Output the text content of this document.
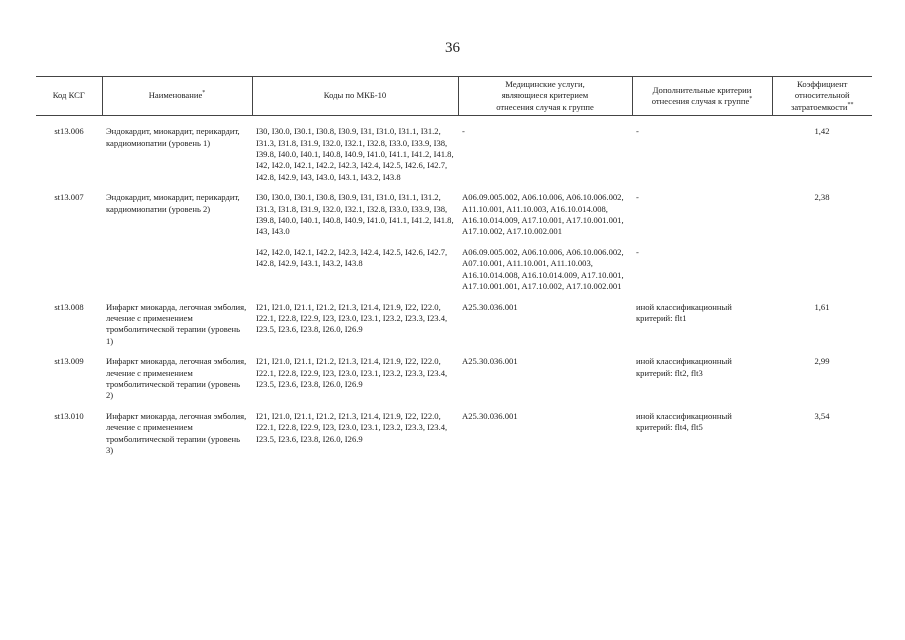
36
Код КСГ	Наименование*	Коды по МКБ-10	Медицинские услуги,
являющиеся критерием
отнесения случая к группе	Дополнительные критерии
отнесения случая к группе*	Коэффициент
относительной
затратоемкости**
st13.006	Эндокардит, миокардит, перикардит, кардиомиопатии (уровень 1)	I30, I30.0, I30.1, I30.8, I30.9, I31, I31.0, I31.1, I31.2, I31.3, I31.8, I31.9, I32.0, I32.1, I32.8, I33.0, I33.9, I38, I39.8, I40.0, I40.1, I40.8, I40.9, I41.0, I41.1, I41.2, I41.8, I42, I42.0, I42.1, I42.2, I42.3, I42.4, I42.5, I42.6, I42.7, I42.8, I42.9, I43, I43.0, I43.1, I43.2, I43.8	-	-	1,42
st13.007	Эндокардит, миокардит, перикардит, кардиомиопатии (уровень 2)	I30, I30.0, I30.1, I30.8, I30.9, I31, I31.0, I31.1, I31.2, I31.3, I31.8, I31.9, I32.0, I32.1, I32.8, I33.0, I33.9, I38, I39.8, I40.0, I40.1, I40.8, I40.9, I41.0, I41.1, I41.2, I41.8, I43, I43.0	A06.09.005.002, A06.10.006, A06.10.006.002, A11.10.001, A11.10.003, A16.10.014.008, A16.10.014.009, A17.10.001, A17.10.001.001, A17.10.002, A17.10.002.001	-	2,38
		I42, I42.0, I42.1, I42.2, I42.3, I42.4, I42.5, I42.6, I42.7, I42.8, I42.9, I43.1, I43.2, I43.8	A06.09.005.002, A06.10.006, A06.10.006.002, A07.10.001, A11.10.001, A11.10.003, A16.10.014.008, A16.10.014.009, A17.10.001, A17.10.001.001, A17.10.002, A17.10.002.001	-	
st13.008	Инфаркт миокарда, легочная эмболия, лечение с применением тромболитической терапии (уровень 1)	I21, I21.0, I21.1, I21.2, I21.3, I21.4, I21.9, I22, I22.0, I22.1, I22.8, I22.9, I23, I23.0, I23.1, I23.2, I23.3, I23.4, I23.5, I23.6, I23.8, I26.0, I26.9	A25.30.036.001	иной классификационный критерий: flt1	1,61
st13.009	Инфаркт миокарда, легочная эмболия, лечение с применением тромболитической терапии (уровень 2)	I21, I21.0, I21.1, I21.2, I21.3, I21.4, I21.9, I22, I22.0, I22.1, I22.8, I22.9, I23, I23.0, I23.1, I23.2, I23.3, I23.4, I23.5, I23.6, I23.8, I26.0, I26.9	A25.30.036.001	иной классификационный критерий: flt2, flt3	2,99
st13.010	Инфаркт миокарда, легочная эмболия, лечение с применением тромболитической терапии (уровень 3)	I21, I21.0, I21.1, I21.2, I21.3, I21.4, I21.9, I22, I22.0, I22.1, I22.8, I22.9, I23, I23.0, I23.1, I23.2, I23.3, I23.4, I23.5, I23.6, I23.8, I26.0, I26.9	A25.30.036.001	иной классификационный критерий: flt4, flt5	3,54
